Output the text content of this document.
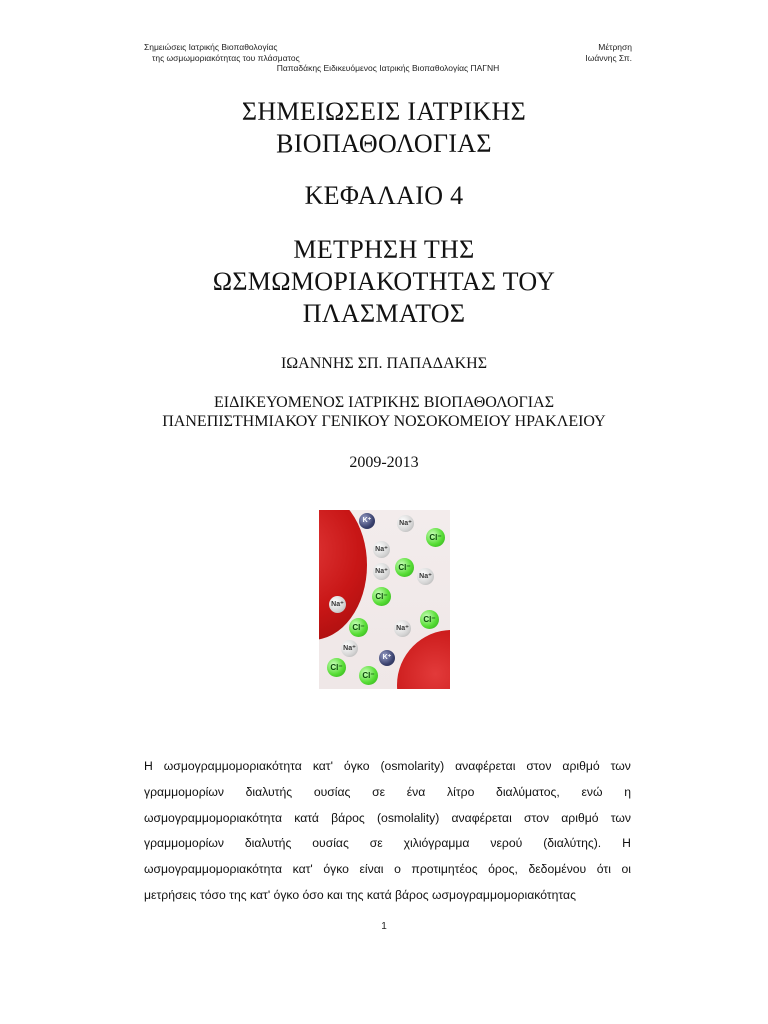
Σημειώσεις Ιατρικής Βιοπαθολογίας	Μέτρηση
της ωσμωμοριακότητας του πλάσματος	Ιωάννης Σπ.
Παπαδάκης Ειδικευόμενος Ιατρικής Βιοπαθολογίας ΠΑΓΝΗ
ΣΗΜΕΙΩΣΕΙΣ ΙΑΤΡΙΚΗΣ
ΒΙΟΠΑΘΟΛΟΓΙΑΣ
ΚΕΦΑΛΑΙΟ 4
ΜΕΤΡΗΣΗ ΤΗΣ
ΩΣΜΩΜΟΡΙΑΚΟΤΗΤΑΣ ΤΟΥ
ΠΛΑΣΜΑΤΟΣ
ΙΩΑΝΝΗΣ ΣΠ. ΠΑΠΑΔΑΚΗΣ
ΕΙΔΙΚΕΥΟΜΕΝΟΣ ΙΑΤΡΙΚΗΣ ΒΙΟΠΑΘΟΛΟΓΙΑΣ
ΠΑΝΕΠΙΣΤΗΜΙΑΚΟΥ ΓΕΝΙΚΟΥ ΝΟΣΟΚΟΜΕΙΟΥ ΗΡΑΚΛΕΙΟΥ
2009-2013
K⁺	Na⁺
Cl⁻
Na⁺
Cl⁻
Na⁺
Na⁺
Cl⁻
Na⁺
Cl⁻
Cl⁻	Na⁺
Na⁺
K⁺
Cl⁻
Cl⁻
Η ωσμογραμμομοριακότητα κατ' όγκο (osmolarity) αναφέρεται στον αριθμό των
γραμμομορίων διαλυτής ουσίας σε ένα λίτρο διαλύματος, ενώ η
ωσμογραμμομοριακότητα κατά βάρος (osmolality) αναφέρεται στον αριθμό των
γραμμομορίων διαλυτής ουσίας σε χιλιόγραμμα νερού (διαλύτης). Η
ωσμογραμμομοριακότητα κατ' όγκο είναι ο προτιμητέος όρος, δεδομένου ότι οι
μετρήσεις τόσο της κατ' όγκο όσο και της κατά βάρος ωσμογραμμομοριακότητας
1
